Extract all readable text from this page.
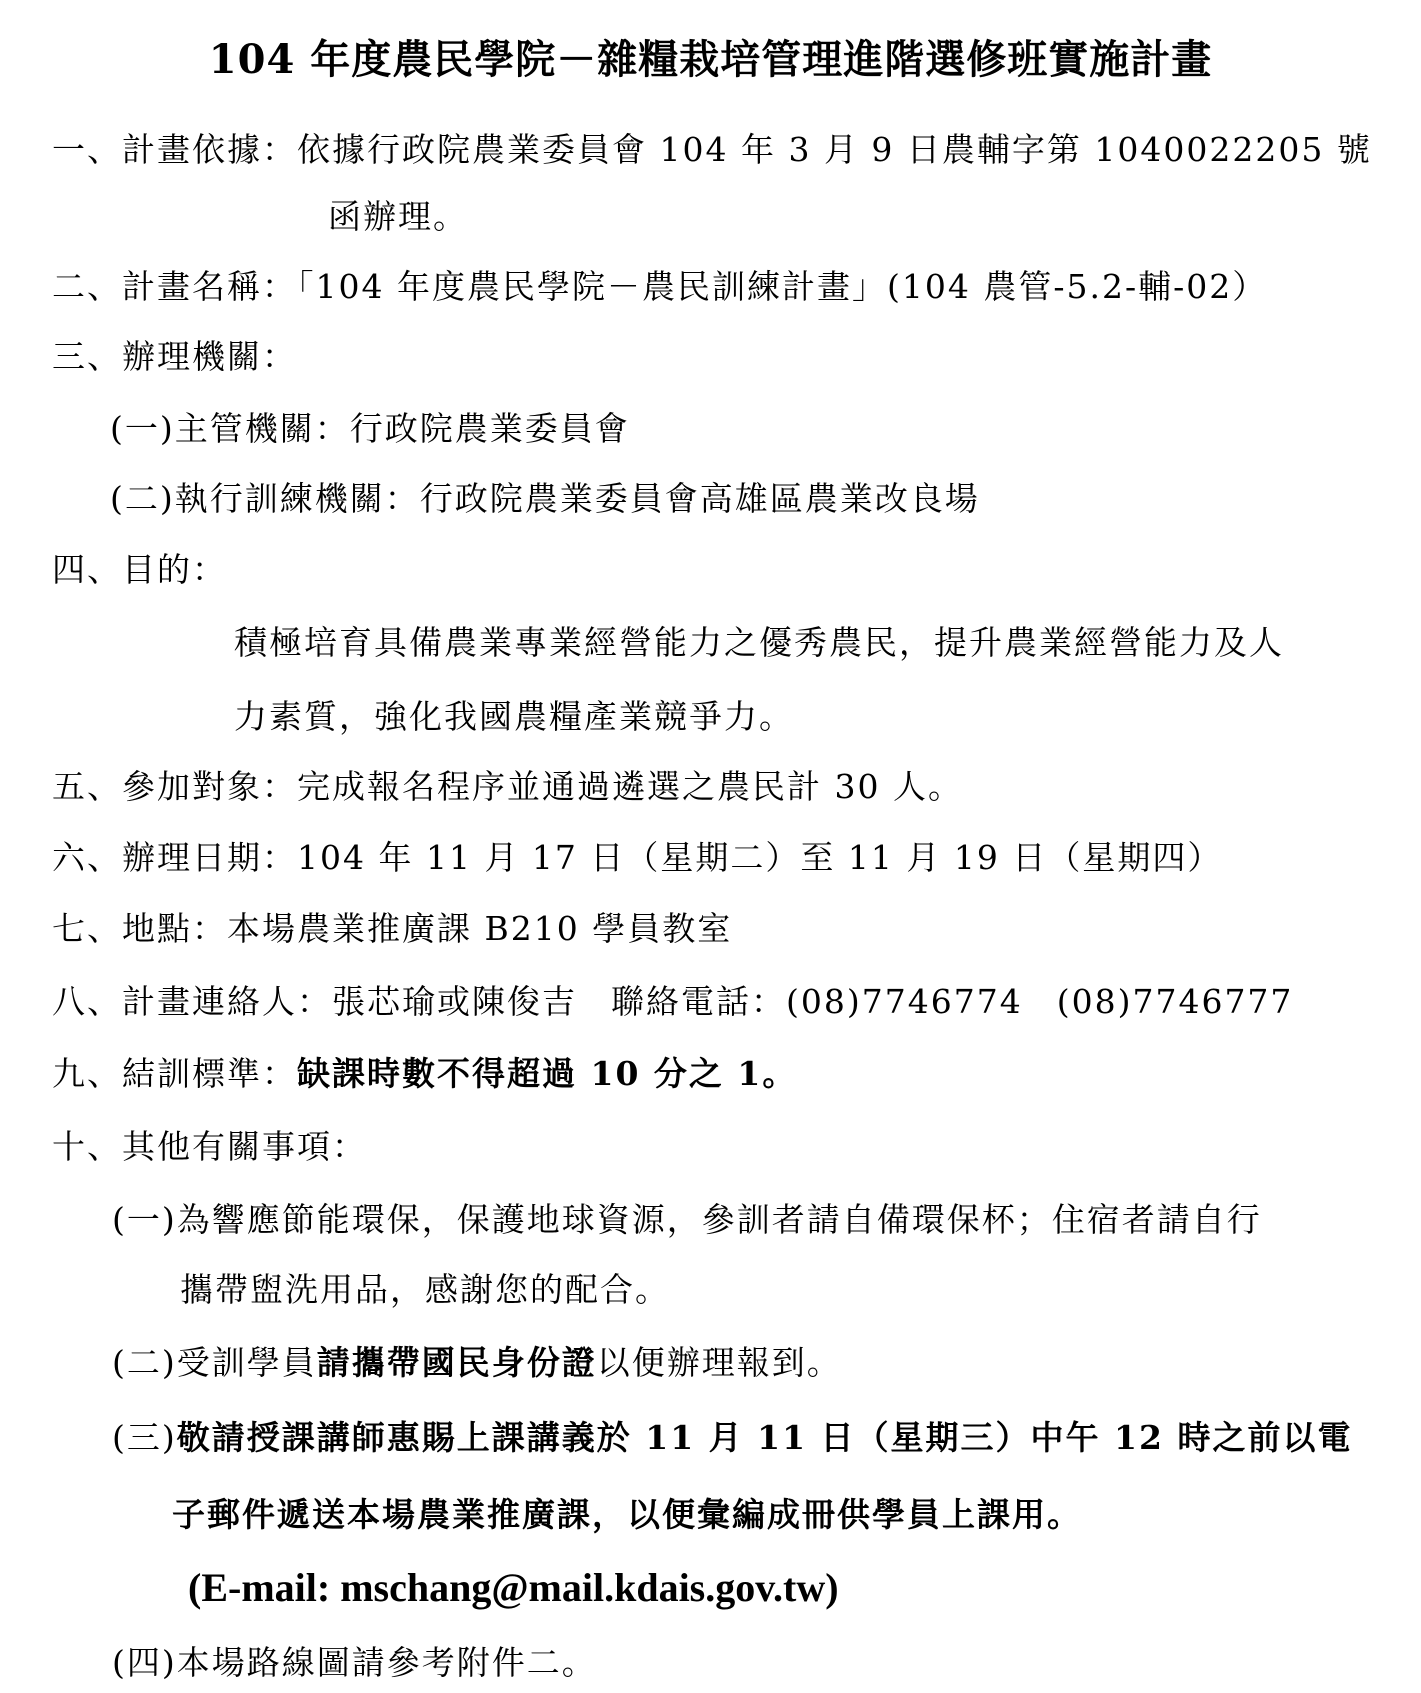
104 年度農民學院－雜糧栽培管理進階選修班實施計畫
一、計畫依據：依據行政院農業委員會 104 年 3 月 9 日農輔字第 1040022205 號
函辦理。
二、計畫名稱：「104 年度農民學院－農民訓練計畫」(104 農管-5.2-輔-02）
三、辦理機關：
(一)主管機關：行政院農業委員會
(二)執行訓練機關：行政院農業委員會高雄區農業改良場
四、目的：
積極培育具備農業專業經營能力之優秀農民，提升農業經營能力及人
力素質，強化我國農糧產業競爭力。
五、參加對象：完成報名程序並通過遴選之農民計 30 人。
六、辦理日期：104 年 11 月 17 日（星期二）至 11 月 19 日（星期四）
七、地點：本場農業推廣課 B210 學員教室
八、計畫連絡人：張芯瑜或陳俊吉 聯絡電話：(08)7746774 (08)7746777
九、結訓標準：缺課時數不得超過 10 分之 1。
十、其他有關事項：
(一)為響應節能環保，保護地球資源，參訓者請自備環保杯；住宿者請自行
攜帶盥洗用品，感謝您的配合。
(二)受訓學員請攜帶國民身份證以便辦理報到。
(三)敬請授課講師惠賜上課講義於 11 月 11 日（星期三）中午 12 時之前以電
子郵件遞送本場農業推廣課，以便彙編成冊供學員上課用。
(E-mail: mschang@mail.kdais.gov.tw)
(四)本場路線圖請參考附件二。
